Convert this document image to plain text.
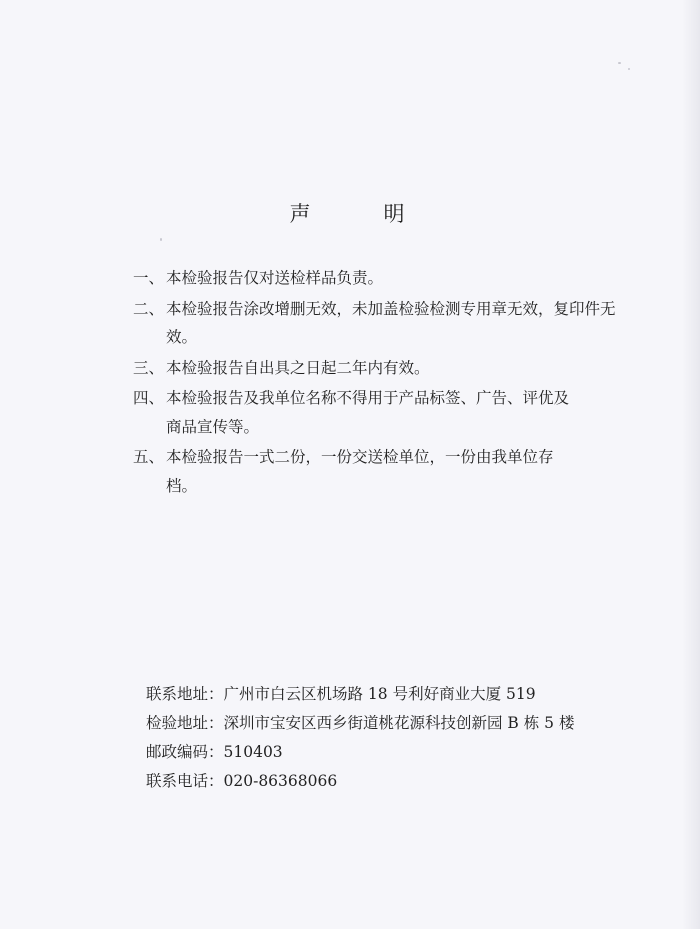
声　明
一、 本检验报告仅对送检样品负责。
二、 本检验报告涂改增删无效，未加盖检验检测专用章无效，复印件无效。
三、 本检验报告自出具之日起二年内有效。
四、 本检验报告及我单位名称不得用于产品标签、广告、评优及商品宣传等。
五、 本检验报告一式二份，一份交送检单位，一份由我单位存档。
联系地址：广州市白云区机场路 18 号利好商业大厦 519
检验地址：深圳市宝安区西乡街道桃花源科技创新园 B 栋 5 楼
邮政编码：510403
联系电话：020-86368066
